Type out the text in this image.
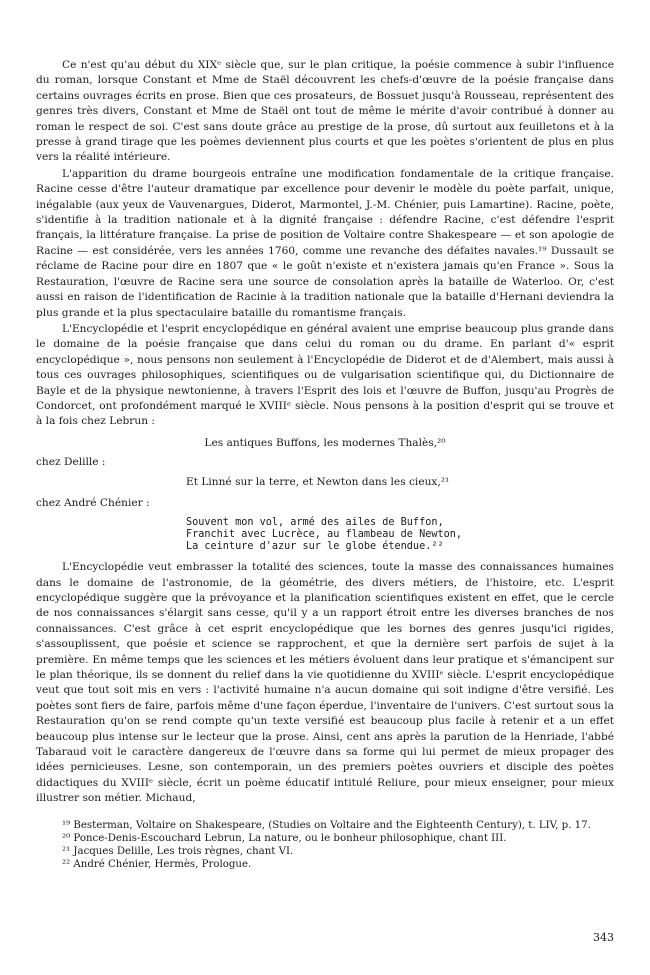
Ce n'est qu'au début du XIXᵉ siècle que, sur le plan critique, la poésie commence à subir l'influence du roman, lorsque Constant et Mme de Staël découvrent les chefs-d'œuvre de la poésie française dans certains ouvrages écrits en prose. Bien que ces prosateurs, de Bossuet jusqu'à Rousseau, représentent des genres très divers, Constant et Mme de Staël ont tout de même le mérite d'avoir contribué à donner au roman le respect de soi. C'est sans doute grâce au prestige de la prose, dû surtout aux feuilletons et à la presse à grand tirage que les poèmes deviennent plus courts et que les poètes s'orientent de plus en plus vers la réalité intérieure.

L'apparition du drame bourgeois entraîne une modification fondamentale de la critique française. Racine cesse d'être l'auteur dramatique par excellence pour devenir le modèle du poète parfait, unique, inégalable (aux yeux de Vauvenargues, Diderot, Marmontel, J.-M. Chénier, puis Lamartine). Racine, poète, s'identifie à la tradition nationale et à la dignité française : défendre Racine, c'est défendre l'esprit français, la littérature française. La prise de position de Voltaire contre Shakespeare — et son apologie de Racine — est considérée, vers les années 1760, comme une revanche des défaites navales.¹⁹ Dussault se réclame de Racine pour dire en 1807 que « le goût n'existe et n'existera jamais qu'en France ». Sous la Restauration, l'œuvre de Racine sera une source de consolation après la bataille de Waterloo. Or, c'est aussi en raison de l'identification de Racinie à la tradition nationale que la bataille d'Hernani deviendra la plus grande et la plus spectaculaire bataille du romantisme français.

L'Encyclopédie et l'esprit encyclopédique en général avaient une emprise beaucoup plus grande dans le domaine de la poésie française que dans celui du roman ou du drame. En parlant d'« esprit encyclopédique », nous pensons non seulement à l'Encyclopédie de Diderot et de d'Alembert, mais aussi à tous ces ouvrages philosophiques, scientifiques ou de vulgarisation scientifique qui, du Dictionnaire de Bayle et de la physique newtonienne, à travers l'Esprit des lois et l'œuvre de Buffon, jusqu'au Progrès de Condorcet, ont profondément marqué le XVIIIᵉ siècle. Nous pensons à la position d'esprit qui se trouve et à la fois chez Lebrun :

Les antiques Buffons, les modernes Thalès,²⁰

chez Delille :

Et Linné sur la terre, et Newton dans les cieux,²¹

chez André Chénier :

Souvent mon vol, armé des ailes de Buffon,

Franchit avec Lucrèce, au flambeau de Newton,

La ceinture d'azur sur le globe étendue.²²

L'Encyclopédie veut embrasser la totalité des sciences, toute la masse des connaissances humaines dans le domaine de l'astronomie, de la géométrie, des divers métiers, de l'histoire, etc. L'esprit encyclopédique suggère que la prévoyance et la planification scientifiques existent en effet, que le cercle de nos connaissances s'élargit sans cesse, qu'il y a un rapport étroit entre les diverses branches de nos connaissances. C'est grâce à cet esprit encyclopédique que les bornes des genres jusqu'ici rigides, s'assouplissent, que poésie et science se rapprochent, et que la dernière sert parfois de sujet à la première. En même temps que les sciences et les métiers évoluent dans leur pratique et s'émancipent sur le plan théorique, ils se donnent du relief dans la vie quotidienne du XVIIIᵉ siècle. L'esprit encyclopédique veut que tout soit mis en vers : l'activité humaine n'a aucun domaine qui soit indigne d'être versifié. Les poètes sont fiers de faire, parfois même d'une façon éperdue, l'inventaire de l'univers. C'est surtout sous la Restauration qu'on se rend compte qu'un texte versifié est beaucoup plus facile à retenir et a un effet beaucoup plus intense sur le lecteur que la prose. Ainsi, cent ans après la parution de la Henriade, l'abbé Tabaraud voit le caractère dangereux de l'œuvre dans sa forme qui lui permet de mieux propager des idées pernicieuses. Lesne, son contemporain, un des premiers poètes ouvriers et disciple des poètes didactiques du XVIIIᵉ siècle, écrit un poème éducatif intitulé Reliure, pour mieux enseigner, pour mieux illustrer son métier. Michaud,

¹⁹ Besterman, Voltaire on Shakespeare, (Studies on Voltaire and the Eighteenth Century), t. LIV, p. 17.

²⁰ Ponce-Denis-Escouchard Lebrun, La nature, ou le bonheur philosophique, chant III.

²¹ Jacques Delille, Les trois règnes, chant VI.

²² André Chénier, Hermès, Prologue.

343
